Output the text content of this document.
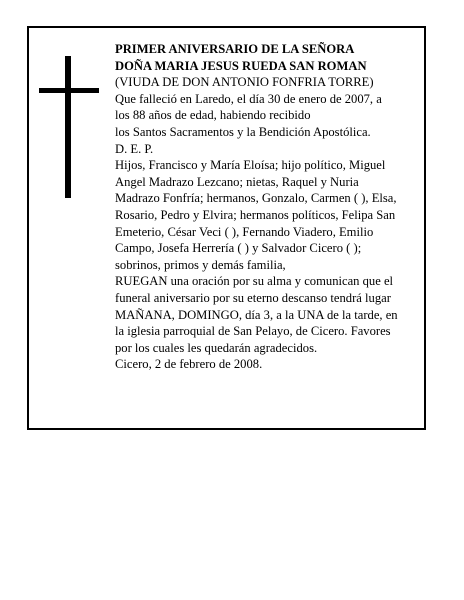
PRIMER ANIVERSARIO DE LA SEÑORA
DOÑA MARIA JESUS RUEDA SAN ROMAN
(VIUDA DE DON ANTONIO FONFRIA TORRE)
Que falleció en Laredo, el día 30 de enero de 2007, a
los 88 años de edad, habiendo recibido
los Santos Sacramentos y la Bendición Apostólica.
D. E. P.
Hijos, Francisco y María Eloísa; hijo político, Miguel
Angel Madrazo Lezcano; nietas, Raquel y Nuria
Madrazo Fonfría; hermanos, Gonzalo, Carmen ( ), Elsa,
Rosario, Pedro y Elvira; hermanos políticos, Felipa San
Emeterio, César Veci ( ), Fernando Viadero, Emilio
Campo, Josefa Herrería ( ) y Salvador Cicero ( );
sobrinos, primos y demás familia,
RUEGAN una oración por su alma y comunican que el
funeral aniversario por su eterno descanso tendrá lugar
MAÑANA, DOMINGO, día 3, a la UNA de la tarde, en
la iglesia parroquial de San Pelayo, de Cicero. Favores
por los cuales les quedarán agradecidos.
Cicero, 2 de febrero de 2008.
